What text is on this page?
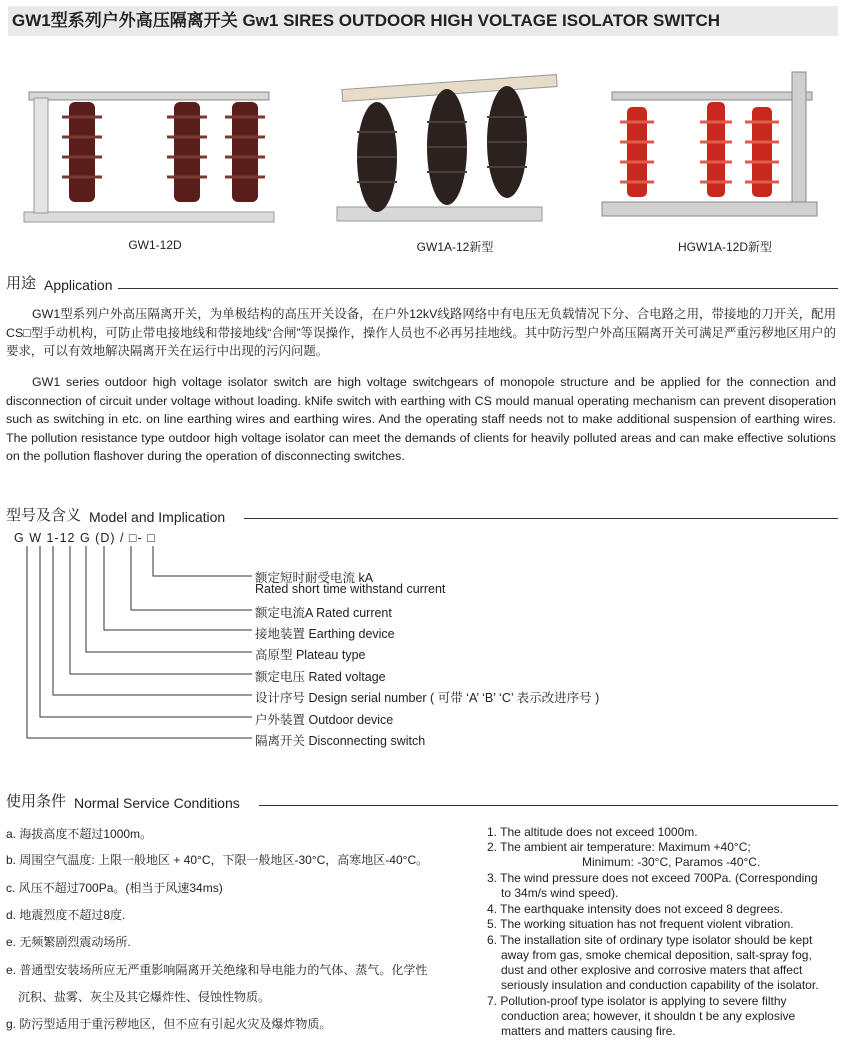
GW1型系列户外高压隔离开关 Gw1 SIRES OUTDOOR HIGH VOLTAGE ISOLATOR SWITCH
GW1-12D	GW1A-12新型	HGW1A-12D新型
用途 Application

GW1型系列户外高压隔离开关，为单极结构的高压开关设备，在户外12kV线路网络中有电压无负载情况下分、合电路之用，带接地的刀开关，配用CS□型手动机构，可防止带电接地线和带接地线“合闸”等误操作，操作人员也不必再另挂地线。其中防污型户外高压隔离开关可满足严重污秽地区用户的要求，可以有效地解决隔离开关在运行中出现的污闪问题。

GW1 series outdoor high voltage isolator switch are high voltage switchgears of monopole structure and be applied for the connection and disconnection of circuit under voltage without loading. kNife switch with earthing with CS mould manual operating mechanism can prevent disoperation such as switching in etc. on line earthing wires and earthing wires. And the operating staff needs not to make additional suspension of earthing wires. The pollution resistance type outdoor high voltage isolator can meet the demands of clients for heavily polluted areas and can make effective solutions on the pollution flashover during the operation of disconnecting switches.

型号及含义 Model and Implication
G W 1-12 G (D) / □- □
额定短时耐受电流 kA
Rated short time withstand current
额定电流A Rated current
接地装置 Earthing device
高原型 Plateau type
额定电压 Rated voltage
设计序号 Design serial number ( 可带 ‘A’ ‘B’ ‘C’ 表示改进序号 )
户外装置 Outdoor device
隔离开关 Disconnecting switch
使用条件 Normal Service Conditions
a. 海拔高度不超过1000m。
b. 周围空气温度: 上限一般地区 + 40°C，下限一般地区-30°C，高寒地区-40°C。
c. 风压不超过700Pa。(相当于风速34ms)
d. 地震烈度不超过8度.
e. 无频繁剧烈震动场所.
e. 普通型安装场所应无严重影响隔离开关绝缘和导电能力的气体、蒸气。化学性
沉积、盐雾、灰尘及其它爆炸性、侵蚀性物质。
g. 防污型适用于重污秽地区，但不应有引起火灾及爆炸物质。
1. The altitude does not exceed 1000m.
2. The ambient air temperature: Maximum +40°C;
Minimum: -30°C, Paramos -40°C.
3. The wind pressure does not exceed 700Pa. (Corresponding
to 34m/s wind speed).
4. The earthquake intensity does not exceed 8 degrees.
5. The working situation has not frequent violent vibration.
6. The installation site of ordinary type isolator should be kept
away from gas, smoke chemical deposition, salt-spray fog,
dust and other explosive and corrosive maters that affect
seriously insulation and conduction capability of the isolator.
7. Pollution-proof type isolator is applying to severe filthy
conduction area; however, it shouldn t be any explosive
matters and matters causing fire.
